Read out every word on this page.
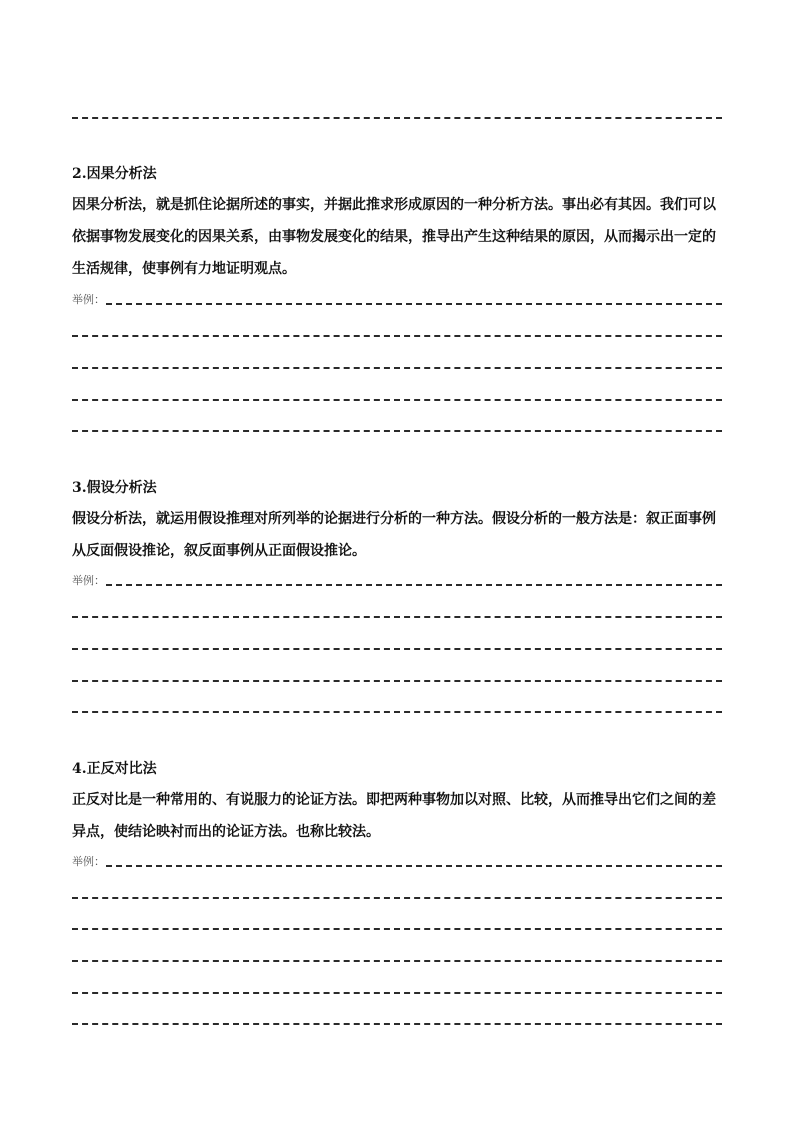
2.因果分析法
因果分析法，就是抓住论据所述的事实，并据此推求形成原因的一种分析方法。事出必有其因。我们可以依据事物发展变化的因果关系，由事物发展变化的结果，推导出产生这种结果的原因，从而揭示出一定的生活规律，使事例有力地证明观点。
举例：
3.假设分析法
假设分析法，就运用假设推理对所列举的论据进行分析的一种方法。假设分析的一般方法是：叙正面事例从反面假设推论，叙反面事例从正面假设推论。
举例：
4.正反对比法
正反对比是一种常用的、有说服力的论证方法。即把两种事物加以对照、比较，从而推导出它们之间的差异点，使结论映衬而出的论证方法。也称比较法。
举例：
